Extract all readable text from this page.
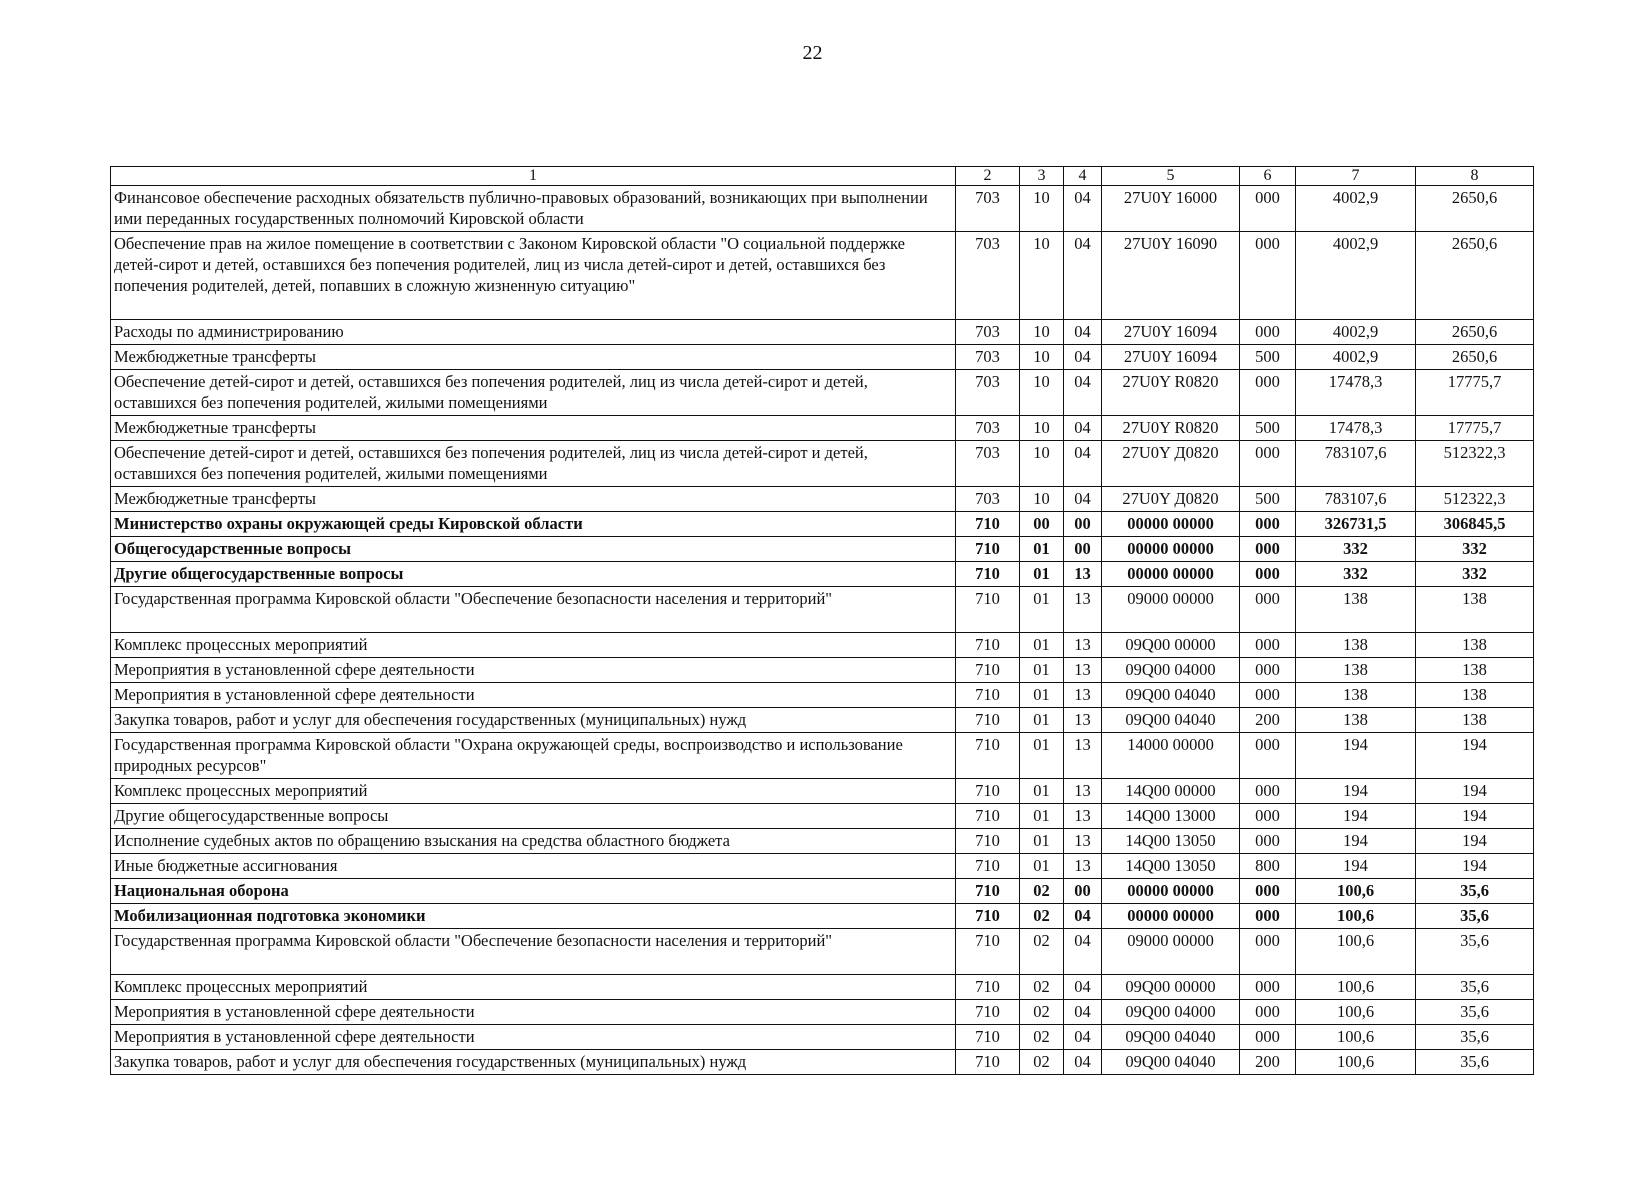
22
1	2	3	4	5	6	7	8
Финансовое обеспечение расходных обязательств публично-правовых образований, возникающих при выполнении ими переданных государственных полномочий Кировской области	703	10	04	27U0Y 16000	000	4002,9	2650,6
Обеспечение прав на жилое помещение в соответствии с Законом Кировской области "О социальной поддержке детей-сирот и детей, оставшихся без попечения родителей, лиц из числа детей-сирот и детей, оставшихся без попечения родителей, детей, попавших в сложную жизненную ситуацию"	703	10	04	27U0Y 16090	000	4002,9	2650,6
Расходы по администрированию	703	10	04	27U0Y 16094	000	4002,9	2650,6
Межбюджетные трансферты	703	10	04	27U0Y 16094	500	4002,9	2650,6
Обеспечение детей-сирот и детей, оставшихся без попечения родителей, лиц из числа детей-сирот и детей, оставшихся без попечения родителей, жилыми помещениями	703	10	04	27U0Y R0820	000	17478,3	17775,7
Межбюджетные трансферты	703	10	04	27U0Y R0820	500	17478,3	17775,7
Обеспечение детей-сирот и детей, оставшихся без попечения родителей, лиц из числа детей-сирот и детей, оставшихся без попечения родителей, жилыми помещениями	703	10	04	27U0Y Д0820	000	783107,6	512322,3
Межбюджетные трансферты	703	10	04	27U0Y Д0820	500	783107,6	512322,3
Министерство охраны окружающей среды Кировской области	710	00	00	00000 00000	000	326731,5	306845,5
Общегосударственные вопросы	710	01	00	00000 00000	000	332	332
Другие общегосударственные вопросы	710	01	13	00000 00000	000	332	332
Государственная программа Кировской области "Обеспечение безопасности населения и территорий"	710	01	13	09000 00000	000	138	138
Комплекс процессных мероприятий	710	01	13	09Q00 00000	000	138	138
Мероприятия в установленной сфере деятельности	710	01	13	09Q00 04000	000	138	138
Мероприятия в установленной сфере деятельности	710	01	13	09Q00 04040	000	138	138
Закупка товаров, работ и услуг для обеспечения государственных (муниципальных) нужд	710	01	13	09Q00 04040	200	138	138
Государственная программа Кировской области "Охрана окружающей среды, воспроизводство и использование природных ресурсов"	710	01	13	14000 00000	000	194	194
Комплекс процессных мероприятий	710	01	13	14Q00 00000	000	194	194
Другие общегосударственные вопросы	710	01	13	14Q00 13000	000	194	194
Исполнение судебных актов по обращению взыскания на средства областного бюджета	710	01	13	14Q00 13050	000	194	194
Иные бюджетные ассигнования	710	01	13	14Q00 13050	800	194	194
Национальная оборона	710	02	00	00000 00000	000	100,6	35,6
Мобилизационная подготовка экономики	710	02	04	00000 00000	000	100,6	35,6
Государственная программа Кировской области "Обеспечение безопасности населения и территорий"	710	02	04	09000 00000	000	100,6	35,6
Комплекс процессных мероприятий	710	02	04	09Q00 00000	000	100,6	35,6
Мероприятия в установленной сфере деятельности	710	02	04	09Q00 04000	000	100,6	35,6
Мероприятия в установленной сфере деятельности	710	02	04	09Q00 04040	000	100,6	35,6
Закупка товаров, работ и услуг для обеспечения государственных (муниципальных) нужд	710	02	04	09Q00 04040	200	100,6	35,6
